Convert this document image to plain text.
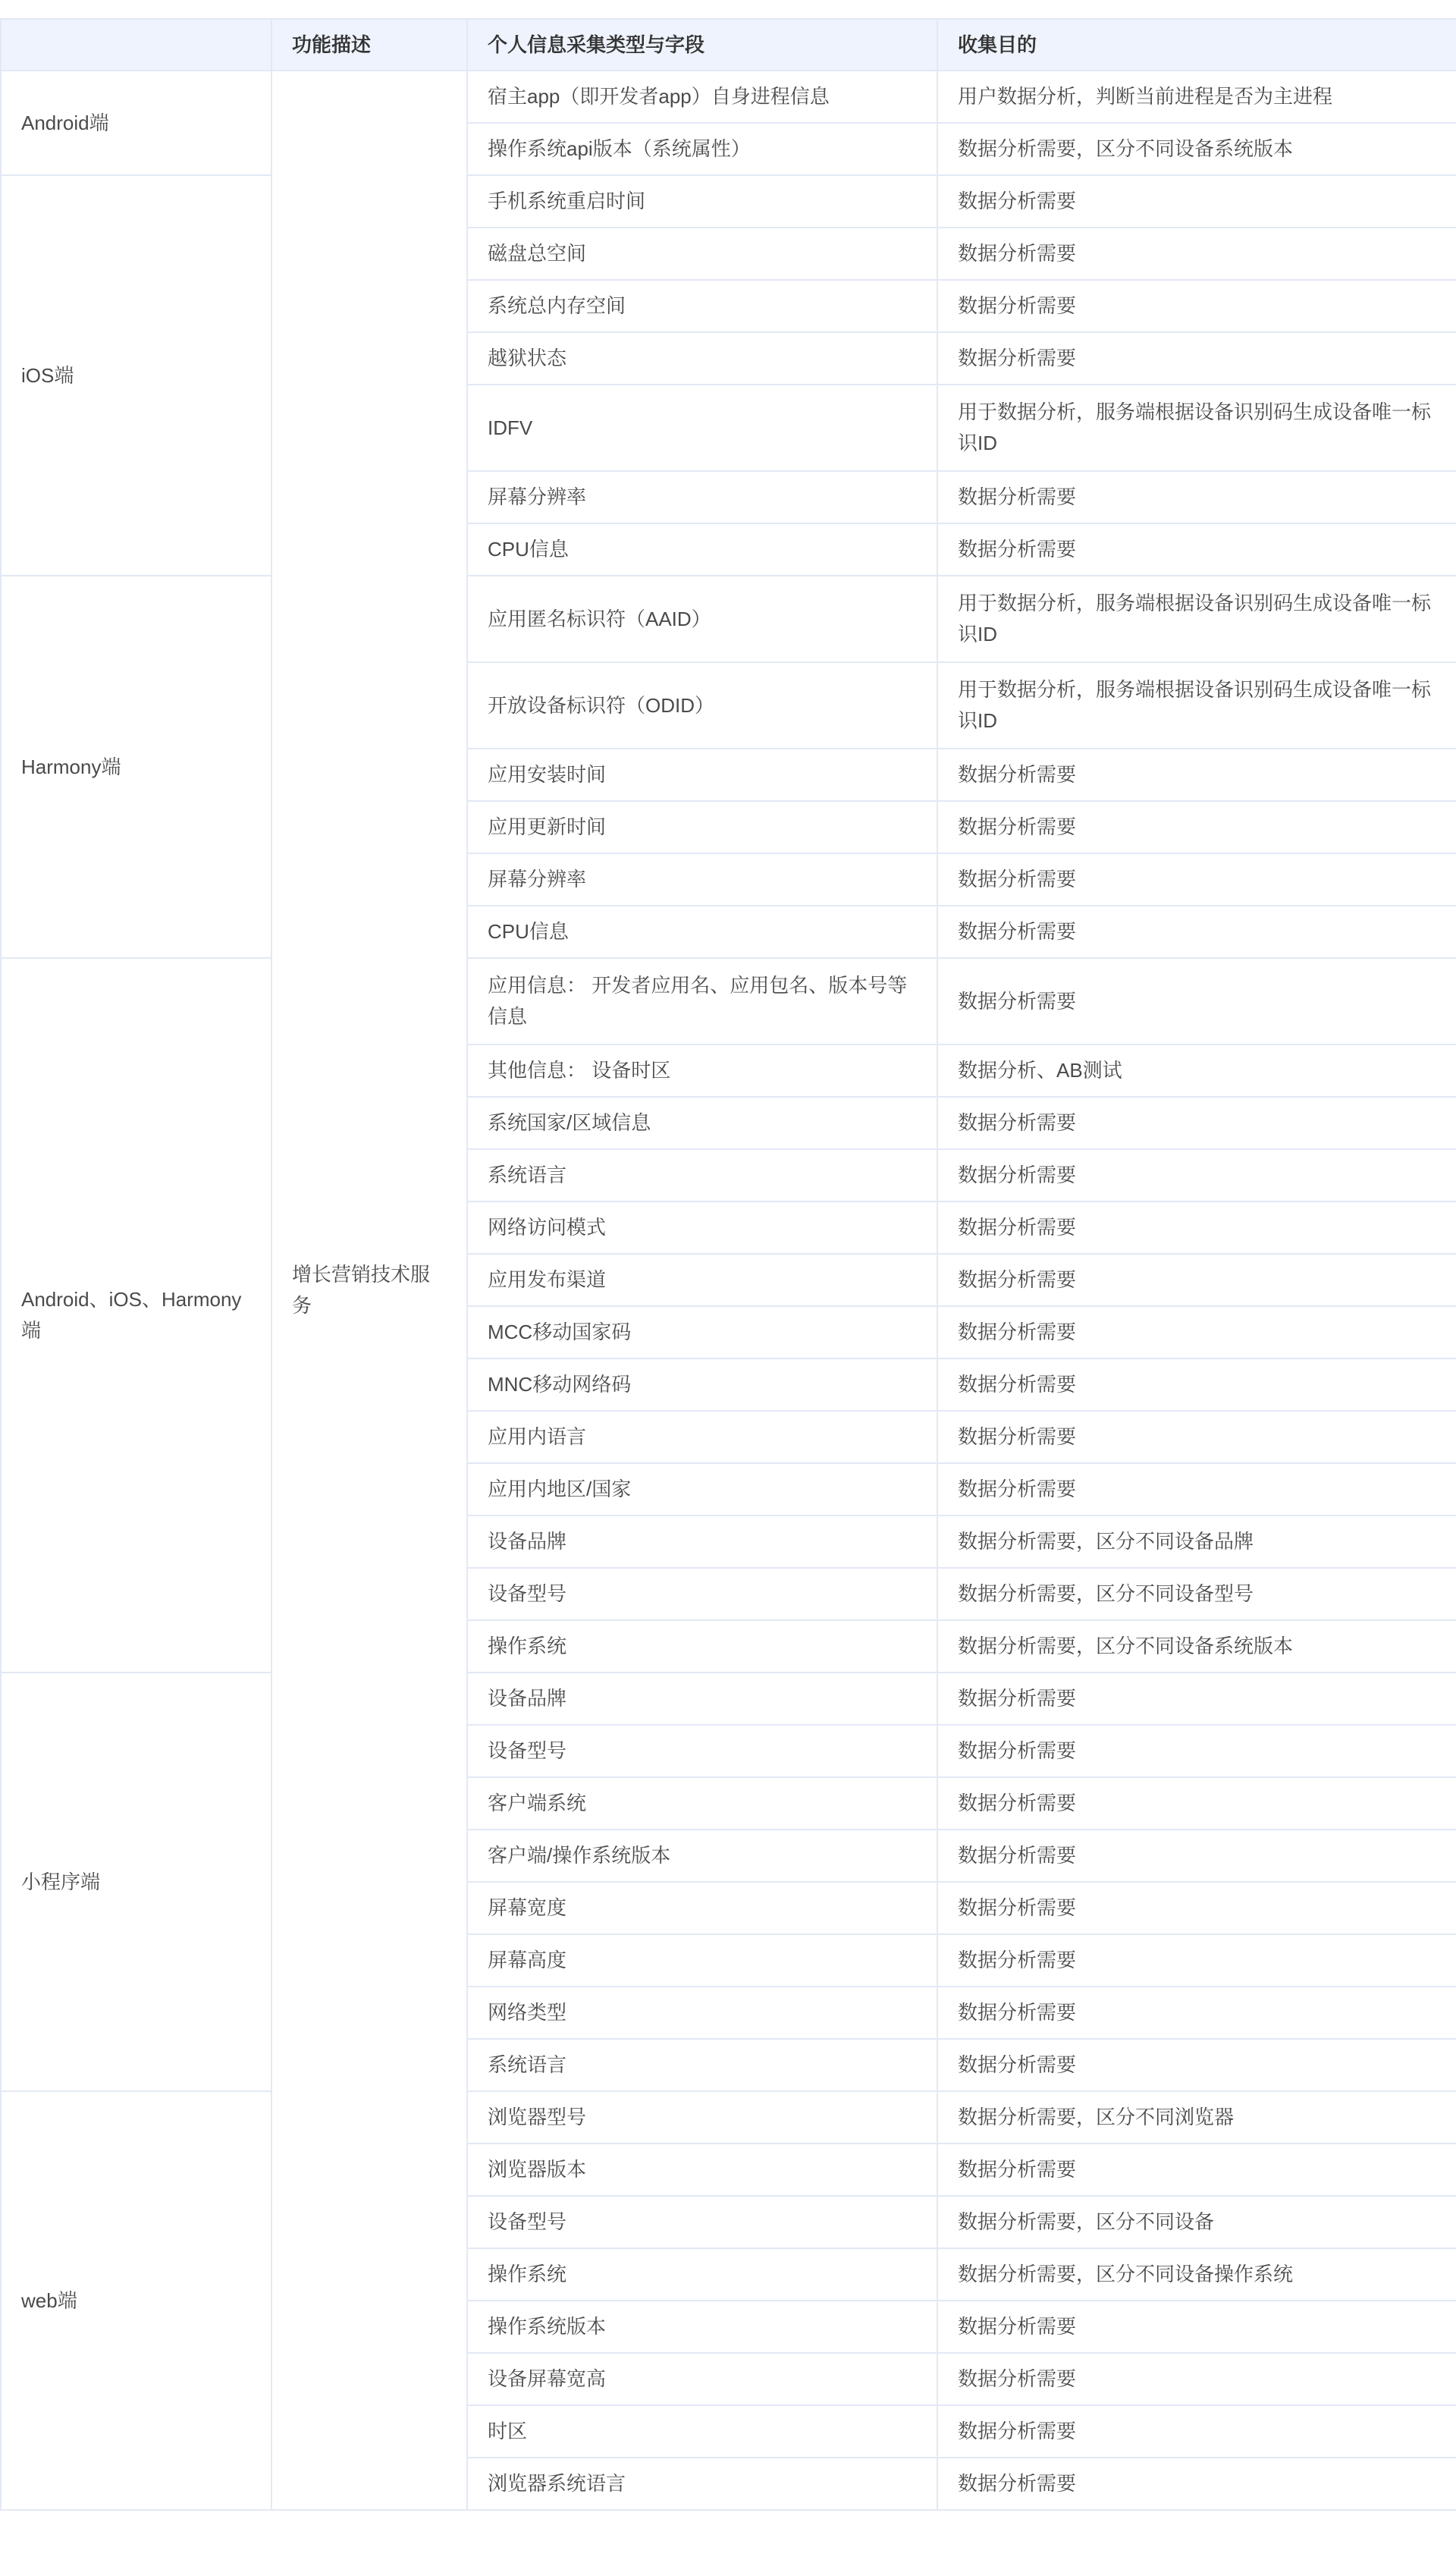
	功能描述	个人信息采集类型与字段	收集目的
Android端	增长营销技术服务	宿主app（即开发者app）自身进程信息	用户数据分析，判断当前进程是否为主进程
		操作系统api版本（系统属性）	数据分析需要，区分不同设备系统版本
iOS端		手机系统重启时间	数据分析需要
		磁盘总空间	数据分析需要
		系统总内存空间	数据分析需要
		越狱状态	数据分析需要
		IDFV	用于数据分析，服务端根据设备识别码生成设备唯一标识ID
		屏幕分辨率	数据分析需要
		CPU信息	数据分析需要
Harmony端		应用匿名标识符（AAID）	用于数据分析，服务端根据设备识别码生成设备唯一标识ID
		开放设备标识符（ODID）	用于数据分析，服务端根据设备识别码生成设备唯一标识ID
		应用安装时间	数据分析需要
		应用更新时间	数据分析需要
		屏幕分辨率	数据分析需要
		CPU信息	数据分析需要
Android、iOS、Harmony端		应用信息： 开发者应用名、应用包名、版本号等信息	数据分析需要
		其他信息： 设备时区	数据分析、AB测试
		系统国家/区域信息	数据分析需要
		系统语言	数据分析需要
		网络访问模式	数据分析需要
		应用发布渠道	数据分析需要
		MCC移动国家码	数据分析需要
		MNC移动网络码	数据分析需要
		应用内语言	数据分析需要
		应用内地区/国家	数据分析需要
		设备品牌	数据分析需要，区分不同设备品牌
		设备型号	数据分析需要，区分不同设备型号
		操作系统	数据分析需要，区分不同设备系统版本
小程序端		设备品牌	数据分析需要
		设备型号	数据分析需要
		客户端系统	数据分析需要
		客户端/操作系统版本	数据分析需要
		屏幕宽度	数据分析需要
		屏幕高度	数据分析需要
		网络类型	数据分析需要
		系统语言	数据分析需要
web端		浏览器型号	数据分析需要，区分不同浏览器
		浏览器版本	数据分析需要
		设备型号	数据分析需要，区分不同设备
		操作系统	数据分析需要，区分不同设备操作系统
		操作系统版本	数据分析需要
		设备屏幕宽高	数据分析需要
		时区	数据分析需要
		浏览器系统语言	数据分析需要
